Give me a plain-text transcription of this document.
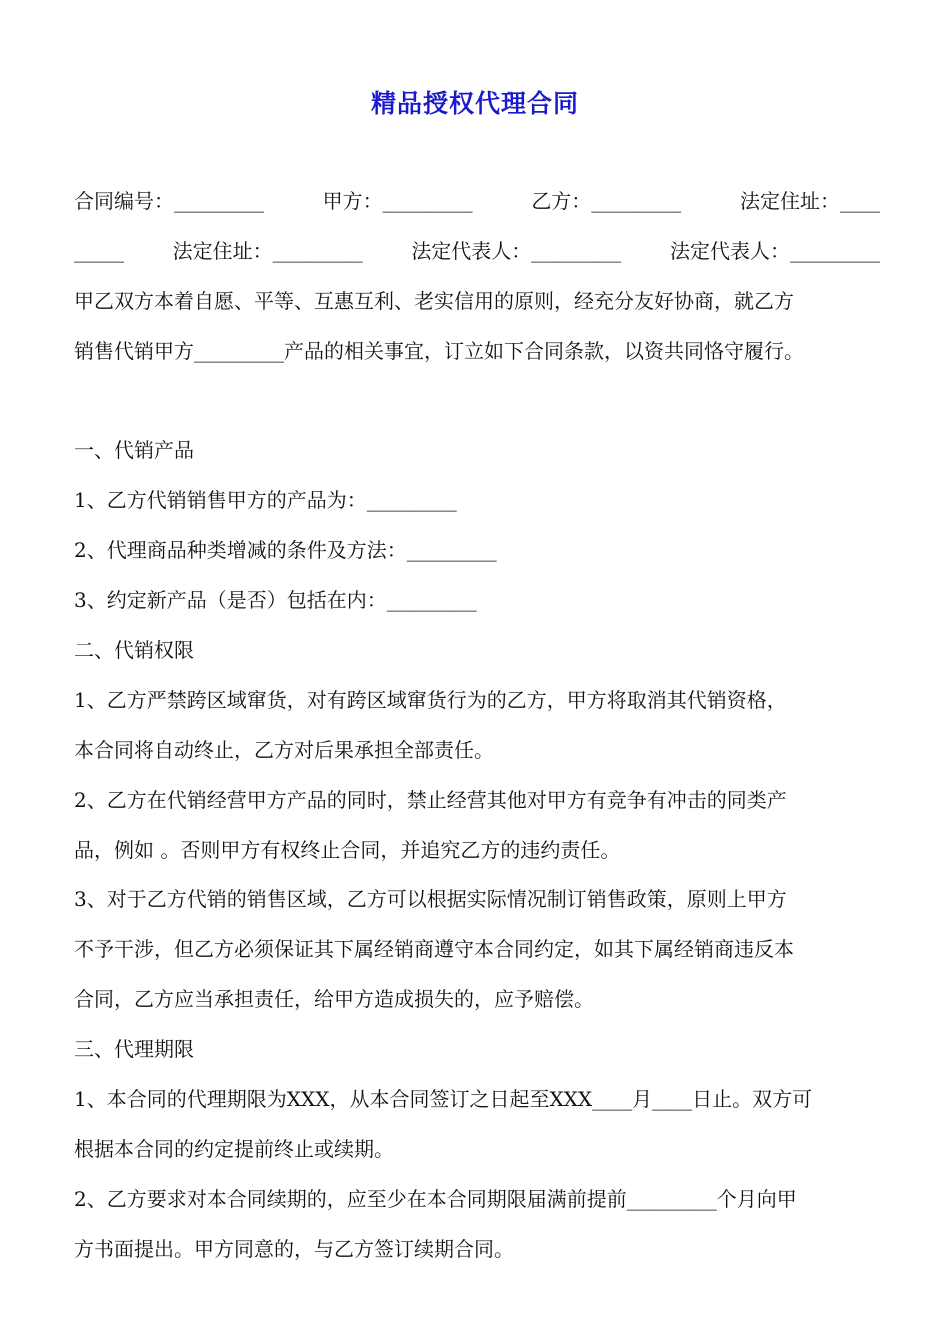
精品授权代理合同
合同编号：_________	甲方：_________	乙方：_________	法定住址：____
_____ 法定住址：_________ 法定代表人：_________ 法定代表人：_________
甲乙双方本着自愿、平等、互惠互利、老实信用的原则，经充分友好协商，就乙方
销售代销甲方_________产品的相关事宜，订立如下合同条款，以资共同恪守履行。
一、代销产品
1、乙方代销销售甲方的产品为：_________
2、代理商品种类增减的条件及方法：_________
3、约定新产品（是否）包括在内：_________
二、代销权限
1、乙方严禁跨区域窜货，对有跨区域窜货行为的乙方，甲方将取消其代销资格，
本合同将自动终止，乙方对后果承担全部责任。
2、乙方在代销经营甲方产品的同时，禁止经营其他对甲方有竞争有冲击的同类产
品，例如 。否则甲方有权终止合同，并追究乙方的违约责任。
3、对于乙方代销的销售区域，乙方可以根据实际情况制订销售政策，原则上甲方
不予干涉，但乙方必须保证其下属经销商遵守本合同约定，如其下属经销商违反本
合同，乙方应当承担责任，给甲方造成损失的，应予赔偿。
三、代理期限
1、本合同的代理期限为XXX，从本合同签订之日起至XXX____月____日止。双方可
根据本合同的约定提前终止或续期。
2、乙方要求对本合同续期的，应至少在本合同期限届满前提前_________个月向甲
方书面提出。甲方同意的，与乙方签订续期合同。
